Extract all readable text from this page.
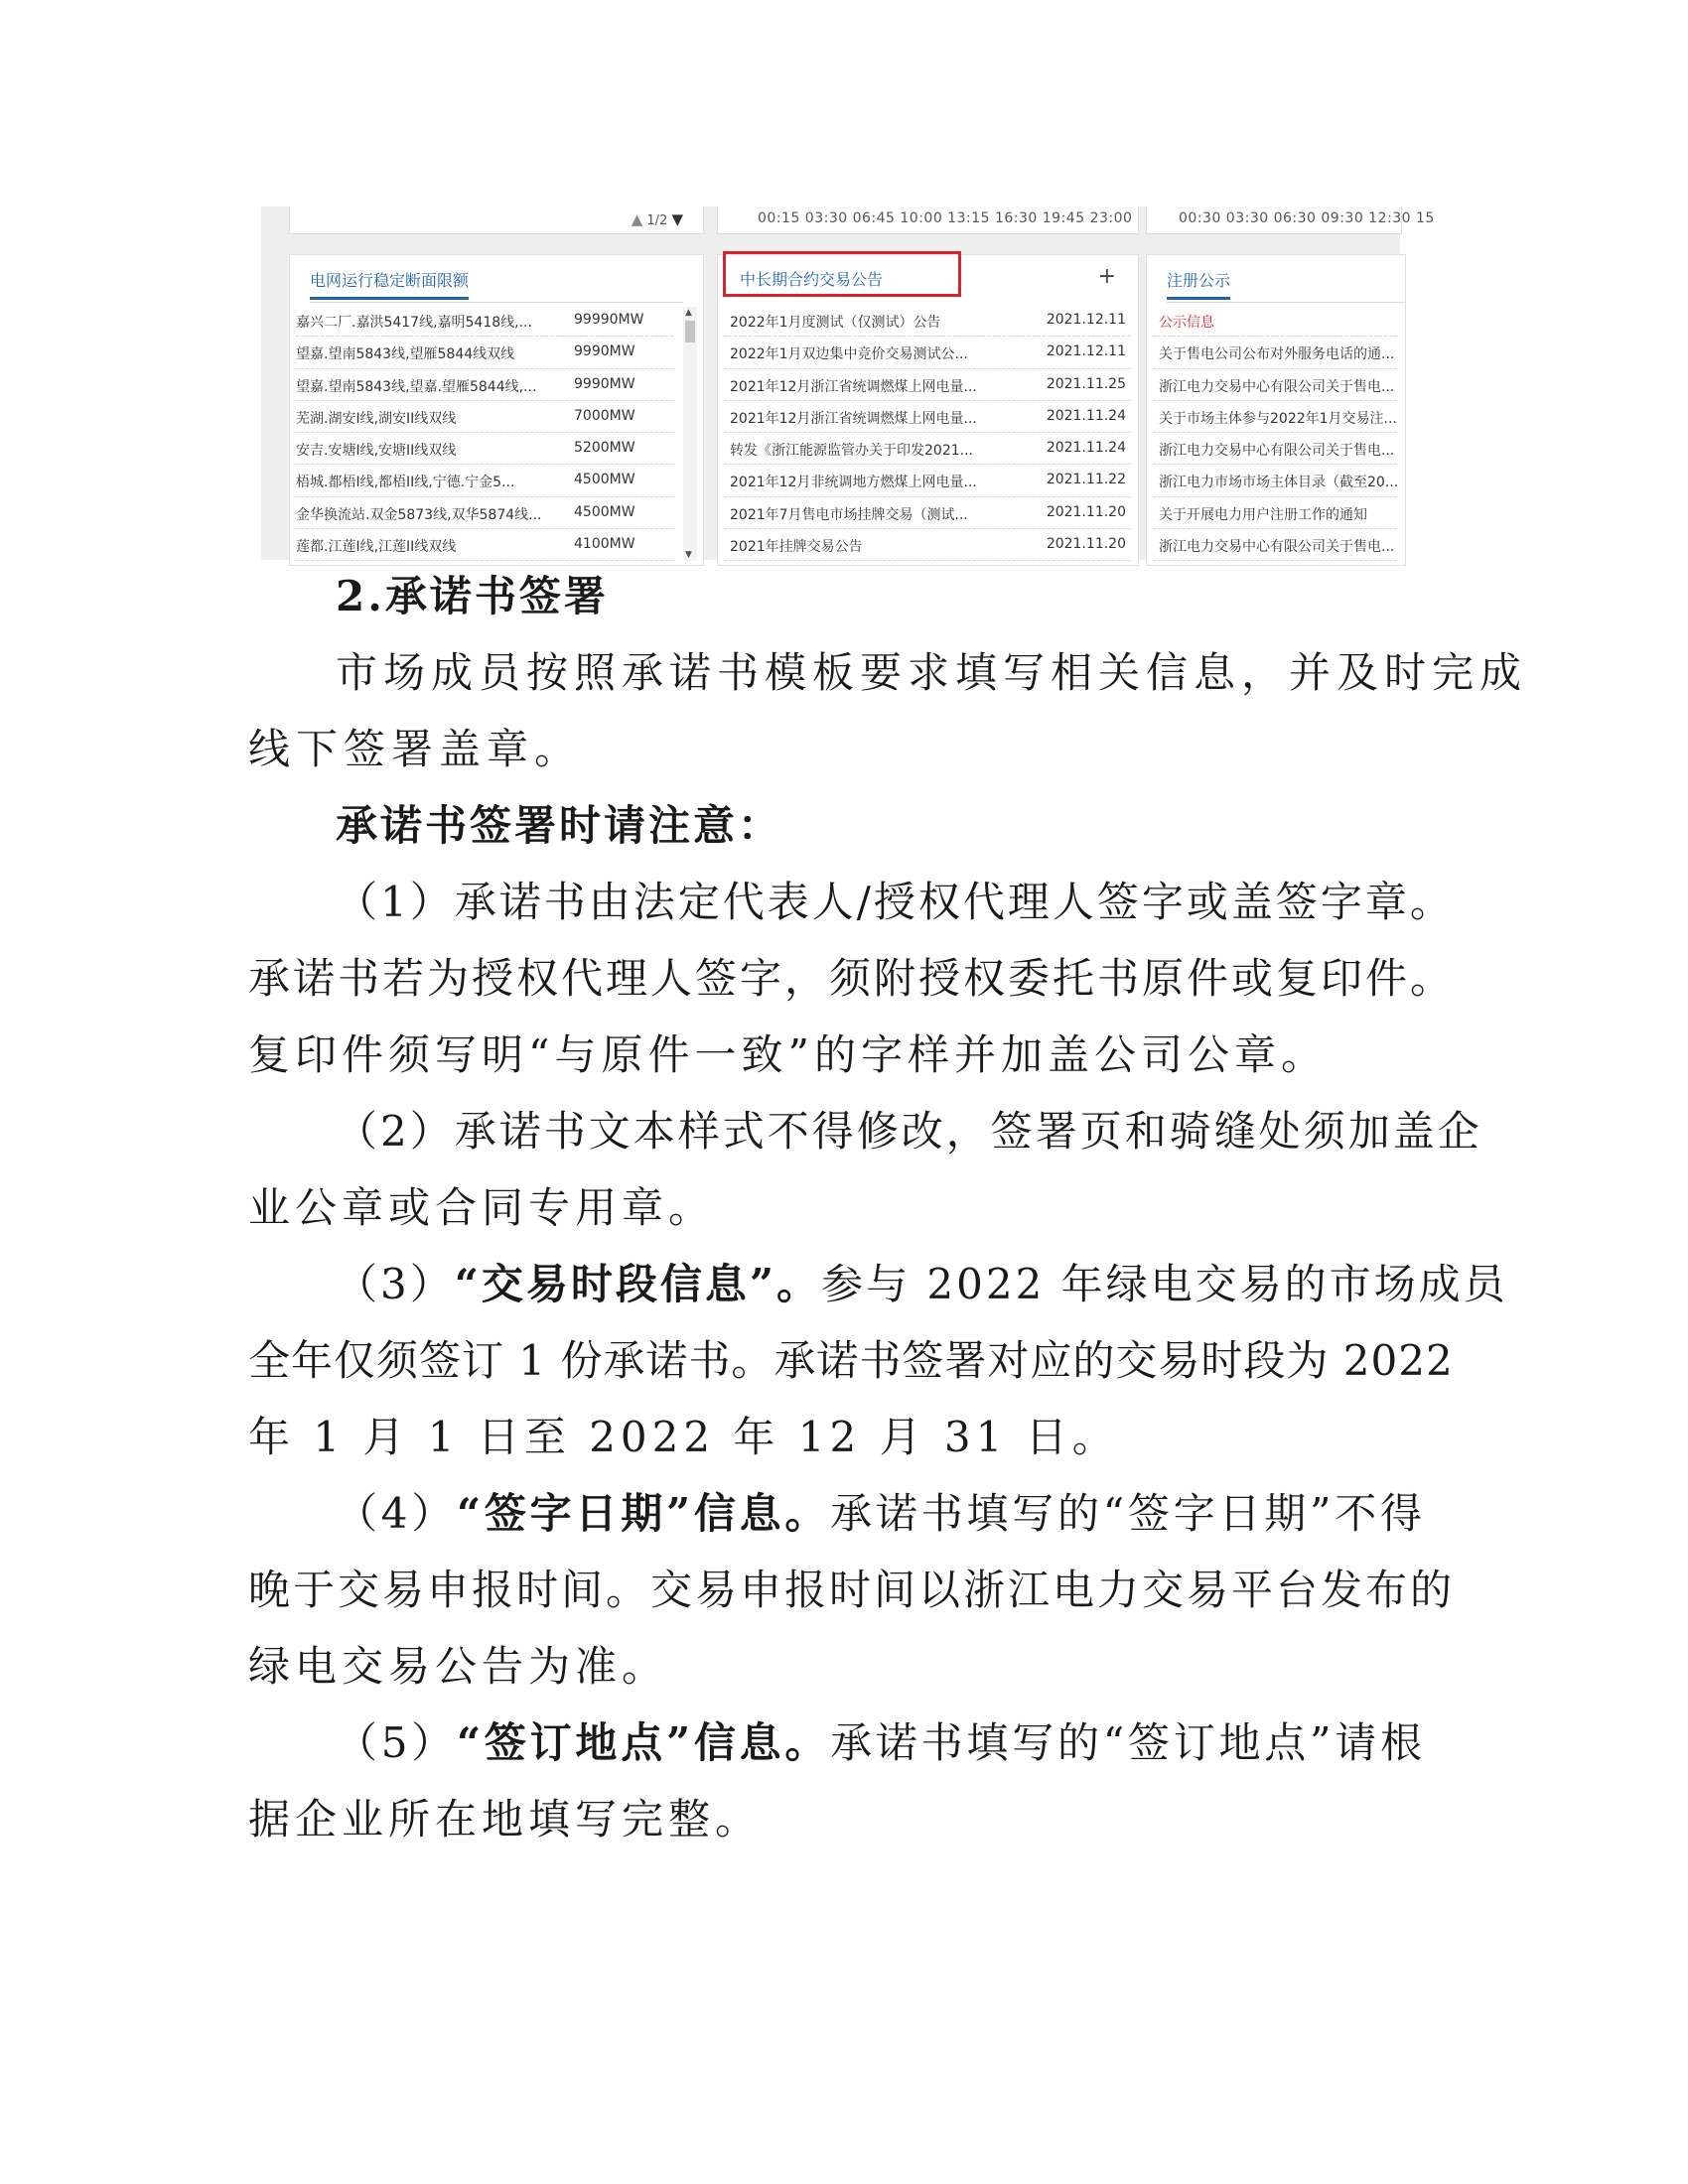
▲ 1/2 ▼	00:15 03:30 06:45 10:00 13:15 16:30 19:45 23:00	00:30 03:30 06:30 09:30 12:30 15
电网运行稳定断面限额
嘉兴二厂.嘉洪5417线,嘉明5418线,...	99990MW
望嘉.望南5843线,望雁5844线双线	9990MW
望嘉.望南5843线,望嘉.望雁5844线,...	9990MW
芜湖.湖安I线,湖安II线双线	7000MW
安吉.安塘I线,安塘II线双线	5200MW
梧城.都梧I线,都梧II线,宁德.宁金5...	4500MW
金华换流站.双金5873线,双华5874线...	4500MW
莲都.江莲I线,江莲II线双线	4100MW
▲
▼
中长期合约交易公告	+
2022年1月度测试（仅测试）公告	2021.12.11
2022年1月双边集中竞价交易测试公...	2021.12.11
2021年12月浙江省统调燃煤上网电量...	2021.11.25
2021年12月浙江省统调燃煤上网电量...	2021.11.24
转发《浙江能源监管办关于印发2021...	2021.11.24
2021年12月非统调地方燃煤上网电量...	2021.11.22
2021年7月售电市场挂牌交易（测试...	2021.11.20
2021年挂牌交易公告	2021.11.20
注册公示
公示信息
关于售电公司公布对外服务电话的通...
浙江电力交易中心有限公司关于售电...
关于市场主体参与2022年1月交易注...
浙江电力交易中心有限公司关于售电...
浙江电力市场市场主体目录（截至20...
关于开展电力用户注册工作的通知
浙江电力交易中心有限公司关于售电...
2.承诺书签署
市场成员按照承诺书模板要求填写相关信息，并及时完成
线下签署盖章。
承诺书签署时请注意：
（1）承诺书由法定代表人/授权代理人签字或盖签字章。
承诺书若为授权代理人签字，须附授权委托书原件或复印件。
复印件须写明“与原件一致”的字样并加盖公司公章。
（2）承诺书文本样式不得修改，签署页和骑缝处须加盖企
业公章或合同专用章。
（3）“交易时段信息”。参与 2022 年绿电交易的市场成员
全年仅须签订 1 份承诺书。承诺书签署对应的交易时段为 2022
年 1 月 1 日至 2022 年 12 月 31 日。
（4）“签字日期”信息。承诺书填写的“签字日期”不得
晚于交易申报时间。交易申报时间以浙江电力交易平台发布的
绿电交易公告为准。
（5）“签订地点”信息。承诺书填写的“签订地点”请根
据企业所在地填写完整。
